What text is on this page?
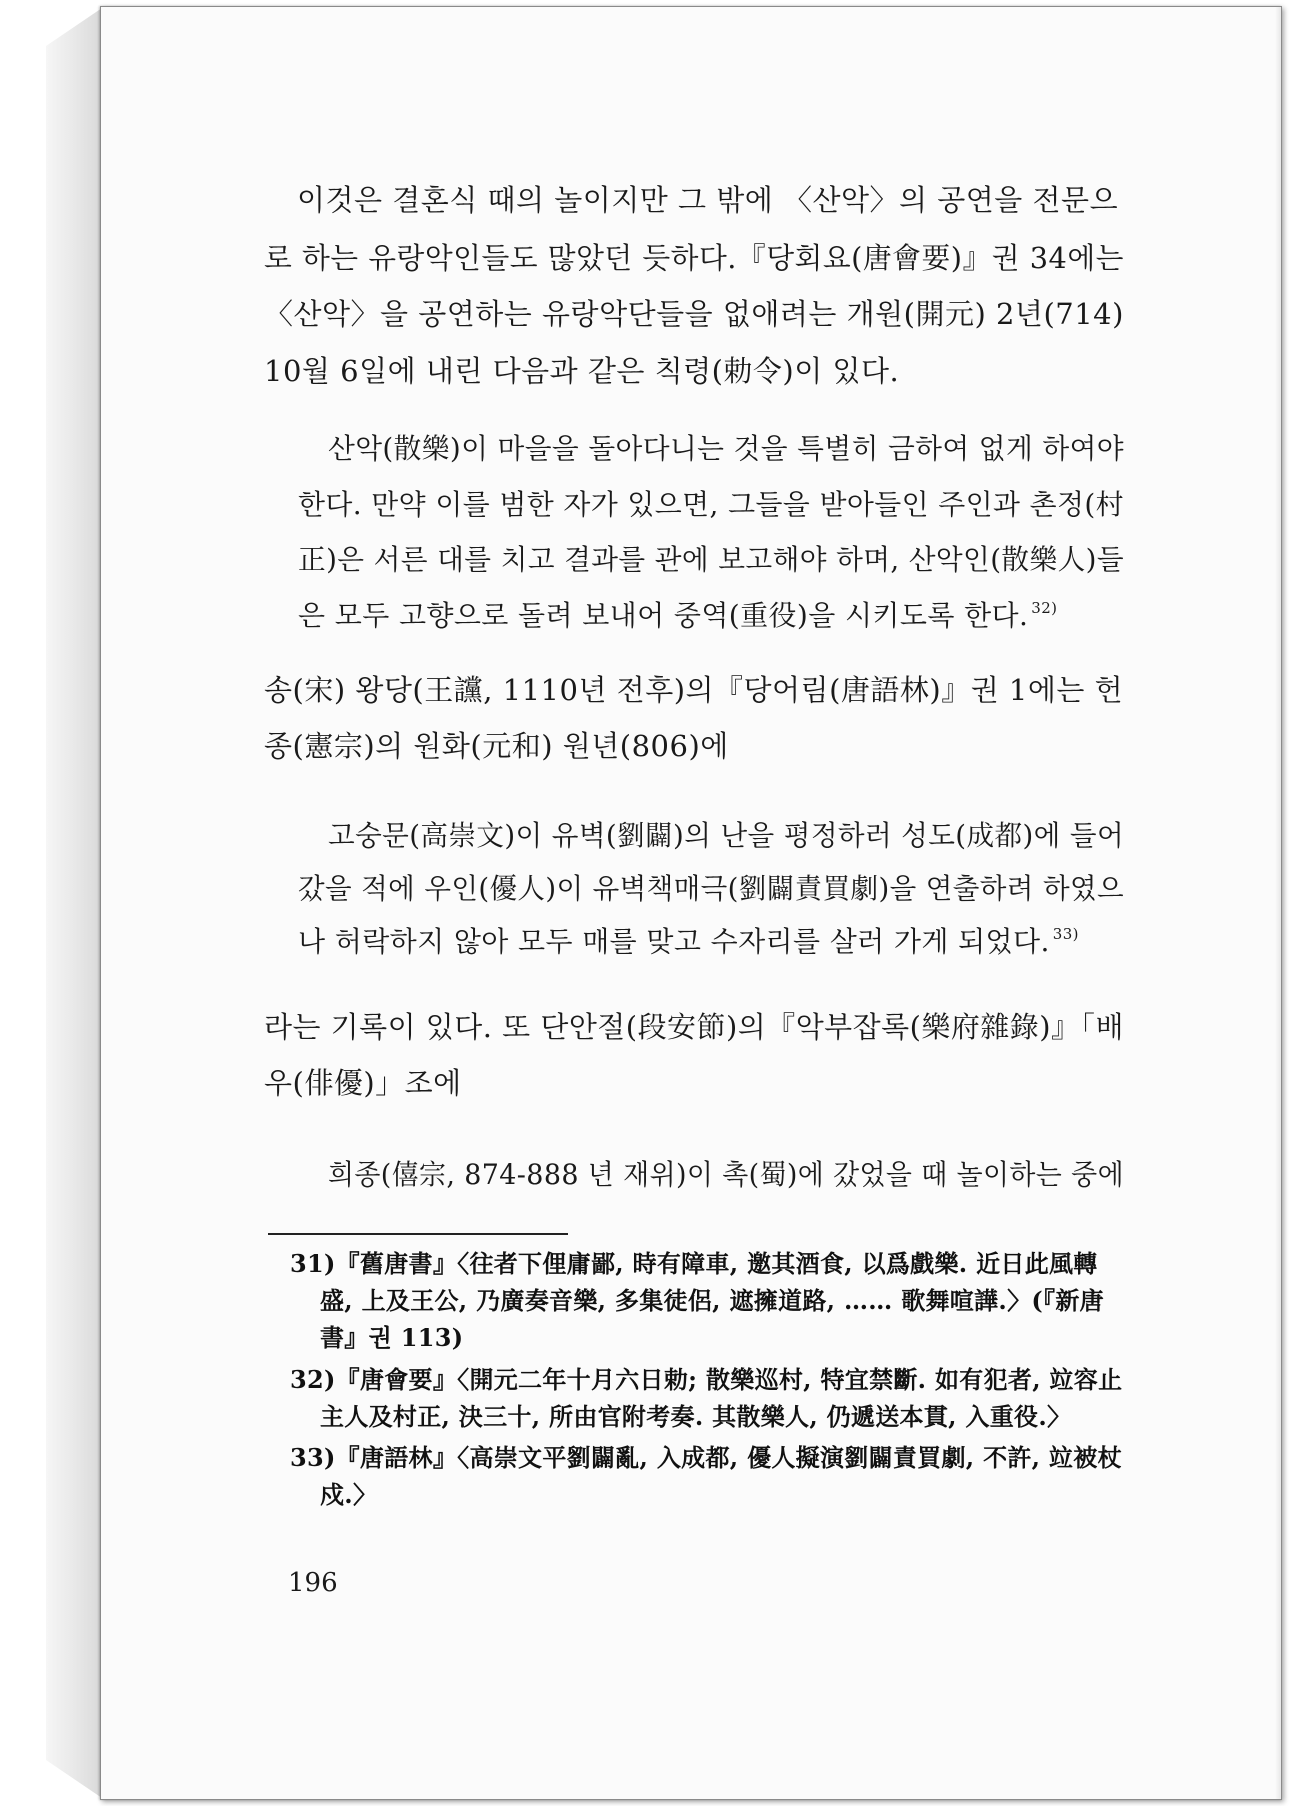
이것은 결혼식 때의 놀이지만 그 밖에 〈산악〉의 공연을 전문으
로 하는 유랑악인들도 많았던 듯하다.『당회요(唐會要)』권 34에는
〈산악〉을 공연하는 유랑악단들을 없애려는 개원(開元) 2년(714)
10월 6일에 내린 다음과 같은 칙령(勅令)이 있다.
산악(散樂)이 마을을 돌아다니는 것을 특별히 금하여 없게 하여야
한다. 만약 이를 범한 자가 있으면, 그들을 받아들인 주인과 촌정(村
正)은 서른 대를 치고 결과를 관에 보고해야 하며, 산악인(散樂人)들
은 모두 고향으로 돌려 보내어 중역(重役)을 시키도록 한다. $^{32)}$
송(宋) 왕당(王讜, 1110년 전후)의『당어림(唐語林)』권 1에는 헌
종(憲宗)의 원화(元和) 원년(806)에
고숭문(高崇文)이 유벽(劉闢)의 난을 평정하러 성도(成都)에 들어
갔을 적에 우인(優人)이 유벽책매극(劉闢責買劇)을 연출하려 하였으
나 허락하지 않아 모두 매를 맞고 수자리를 살러 가게 되었다. $^{33)}$
라는 기록이 있다. 또 단안절(段安節)의『악부잡록(樂府雜錄)』「배
우(俳優)」조에
희종(僖宗, 874-888 년 재위)이 촉(蜀)에 갔었을 때 놀이하는 중에
31)『舊唐書』〈往者下俚庸鄙, 時有障車, 邀其酒食, 以爲戲樂. 近日此風轉
盛, 上及王公, 乃廣奏音樂, 多集徒侶, 遮擁道路, …… 歌舞喧譁.〉(『新唐
書』권 113)
32)『唐會要』〈開元二年十月六日勅; 散樂巡村, 特宜禁斷. 如有犯者, 竝容止
主人及村正, 決三十, 所由官附考奏. 其散樂人, 仍遞送本貫, 入重役.〉
33)『唐語林』〈高崇文平劉闢亂, 入成都, 優人擬演劉闢責買劇, 不許, 竝被杖
戍.〉
196
